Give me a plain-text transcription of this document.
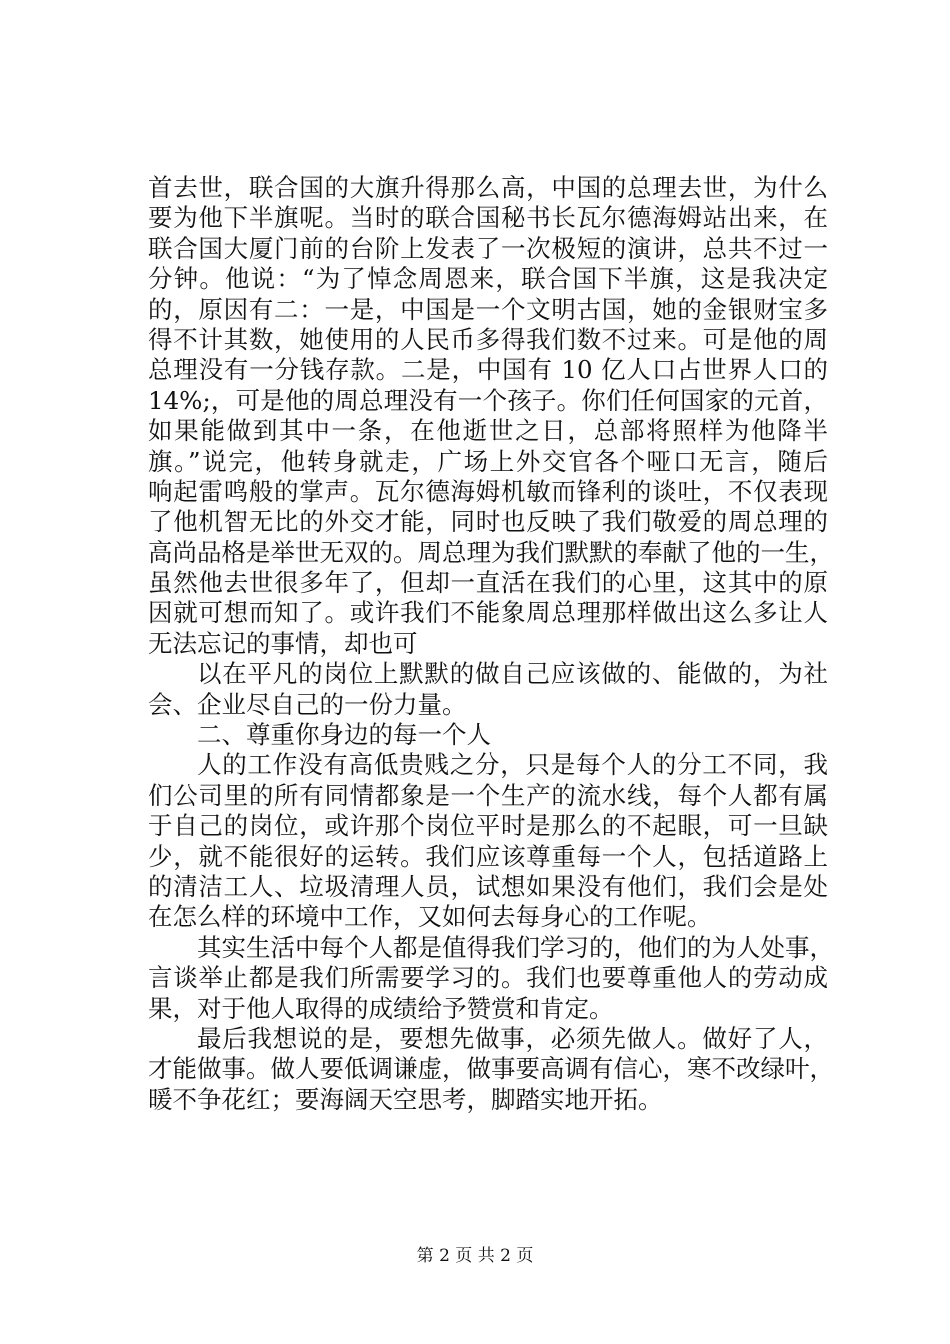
首去世，联合国的大旗升得那么高，中国的总理去世，为什么
要为他下半旗呢。当时的联合国秘书长瓦尔德海姆站出来，在
联合国大厦门前的台阶上发表了一次极短的演讲，总共不过一
分钟。他说：“为了悼念周恩来，联合国下半旗，这是我决定
的，原因有二：一是，中国是一个文明古国，她的金银财宝多
得不计其数，她使用的人民币多得我们数不过来。可是他的周
总理没有一分钱存款。二是，中国有 10 亿人口占世界人口的
14%;，可是他的周总理没有一个孩子。你们任何国家的元首，
如果能做到其中一条，在他逝世之日，总部将照样为他降半
旗。”说完，他转身就走，广场上外交官各个哑口无言，随后
响起雷鸣般的掌声。瓦尔德海姆机敏而锋利的谈吐，不仅表现
了他机智无比的外交才能，同时也反映了我们敬爱的周总理的
高尚品格是举世无双的。周总理为我们默默的奉献了他的一生，
虽然他去世很多年了，但却一直活在我们的心里，这其中的原
因就可想而知了。或许我们不能象周总理那样做出这么多让人
无法忘记的事情，却也可
以在平凡的岗位上默默的做自己应该做的、能做的，为社
会、企业尽自己的一份力量。
二、尊重你身边的每一个人
人的工作没有高低贵贱之分，只是每个人的分工不同，我
们公司里的所有同情都象是一个生产的流水线，每个人都有属
于自己的岗位，或许那个岗位平时是那么的不起眼，可一旦缺
少，就不能很好的运转。我们应该尊重每一个人，包括道路上
的清洁工人、垃圾清理人员，试想如果没有他们，我们会是处
在怎么样的环境中工作，又如何去每身心的工作呢。
其实生活中每个人都是值得我们学习的，他们的为人处事，
言谈举止都是我们所需要学习的。我们也要尊重他人的劳动成
果，对于他人取得的成绩给予赞赏和肯定。
最后我想说的是，要想先做事，必须先做人。做好了人，
才能做事。做人要低调谦虚，做事要高调有信心，寒不改绿叶，
暖不争花红；要海阔天空思考，脚踏实地开拓。
第 2 页 共 2 页
